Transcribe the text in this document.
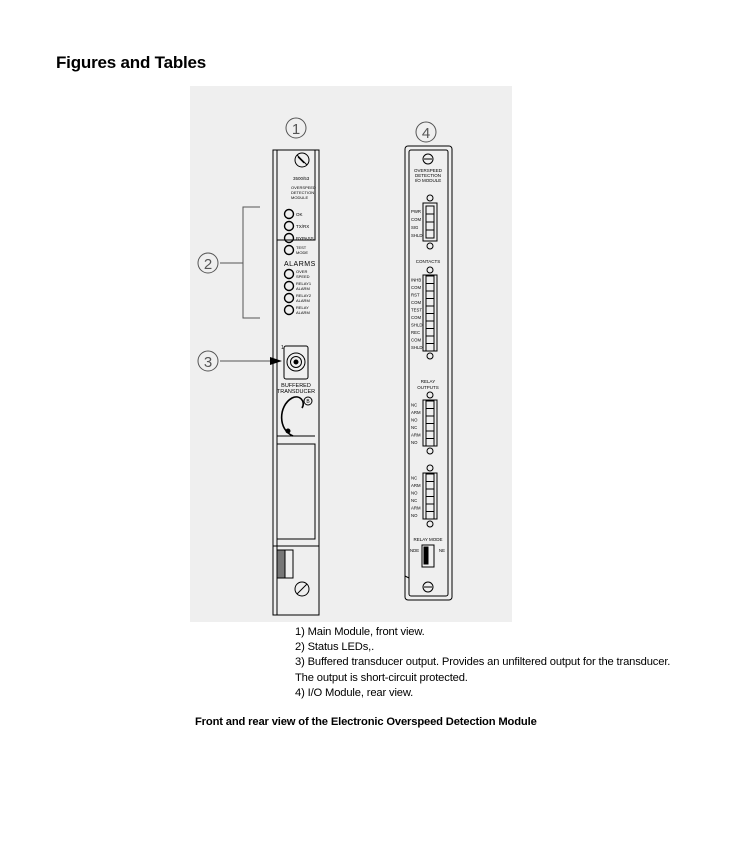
Figures and Tables
1	4
3500/53
OVERSPEED
DETECTION
MODULE
OK
TX/RX
BYPASS
TEST
MODE
ALARMS
OVER
SPEED
RELAY1
ALARM
RELAY2
ALARM
RELAY
ALARM
2
1
BUFFERED
TRANSDUCER
3
B
OVERSPEED
DETECTION
I/O MODULE
PWR
COM
SIG
SHLD
CONTACTS
INHB
COM
RST
COM
TEST
COM
SHLD
REC
COM
SHLD
RELAY
OUTPUTS
NC
ARM
NO
NC
ARM
NO
NC
ARM
NO
NC
ARM
NO
RELAY MODE
NDE	NE
1) Main Module, front view.
2) Status LEDs,.
3) Buffered transducer output. Provides an unfiltered output for the transducer.
The output is short-circuit protected.
4) I/O Module, rear view.
Front and rear view of the Electronic Overspeed Detection Module
